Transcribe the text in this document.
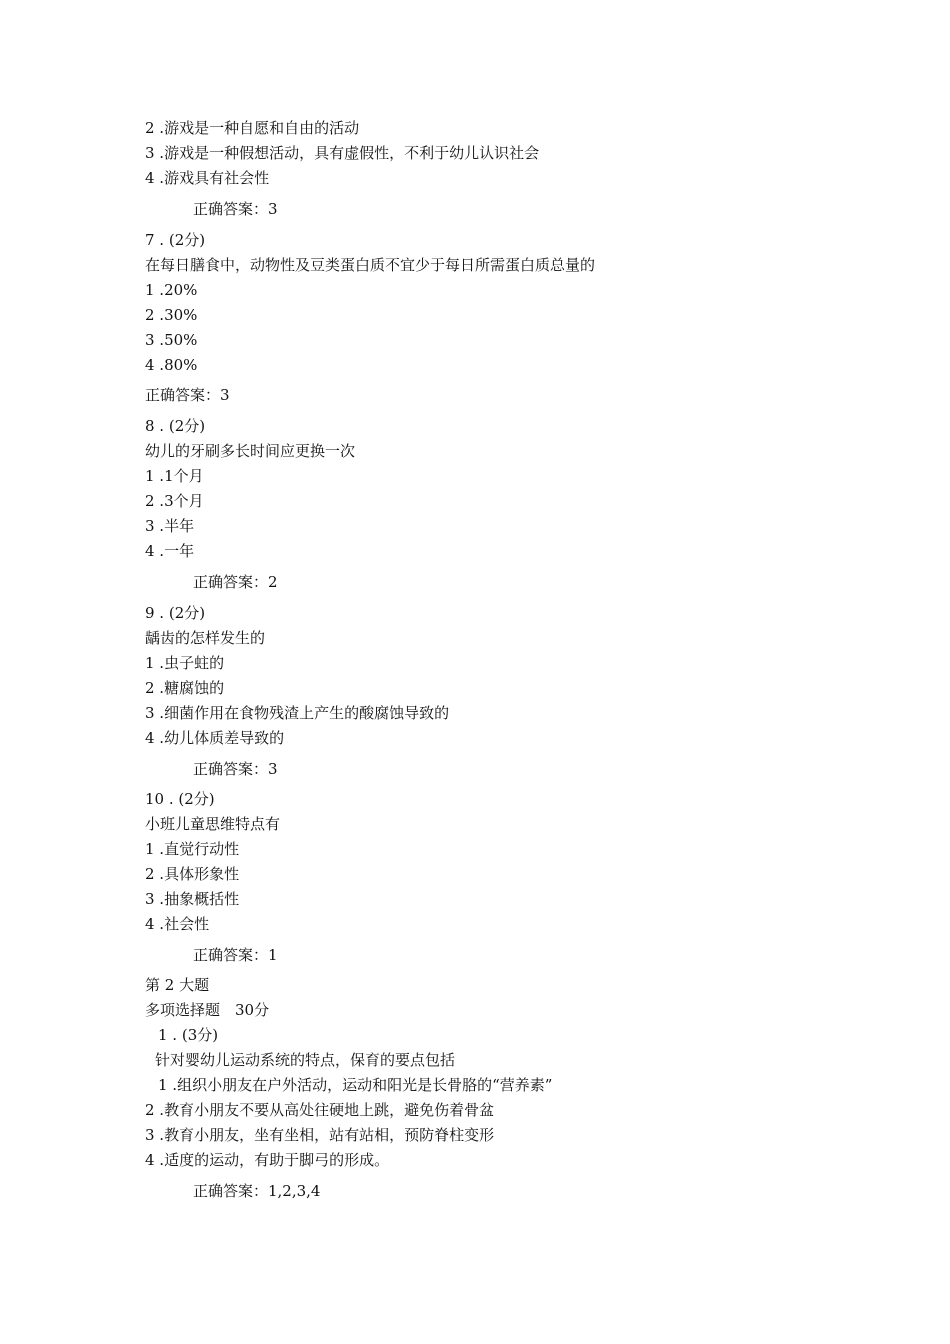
2 .游戏是一种自愿和自由的活动
3 .游戏是一种假想活动，具有虚假性，不利于幼儿认识社会
4 .游戏具有社会性
正确答案：3
7 . (2分)
在每日膳食中，动物性及豆类蛋白质不宜少于每日所需蛋白质总量的
1 .20%
2 .30%
3 .50%
4 .80%
正确答案：3
8 . (2分)
幼儿的牙刷多长时间应更换一次
1 .1个月
2 .3个月
3 .半年
4 .一年
正确答案：2
9 . (2分)
龋齿的怎样发生的
1 .虫子蛀的
2 .糖腐蚀的
3 .细菌作用在食物残渣上产生的酸腐蚀导致的
4 .幼儿体质差导致的
正确答案：3
10 . (2分)
小班儿童思维特点有
1 .直觉行动性
2 .具体形象性
3 .抽象概括性
4 .社会性
正确答案：1
第 2 大题
多项选择题　30分
1 . (3分)
针对婴幼儿运动系统的特点，保育的要点包括
1 .组织小朋友在户外活动，运动和阳光是长骨胳的“营养素”
2 .教育小朋友不要从高处往硬地上跳，避免伤着骨盆
3 .教育小朋友，坐有坐相，站有站相，预防脊柱变形
4 .适度的运动，有助于脚弓的形成。
正确答案：1,2,3,4
